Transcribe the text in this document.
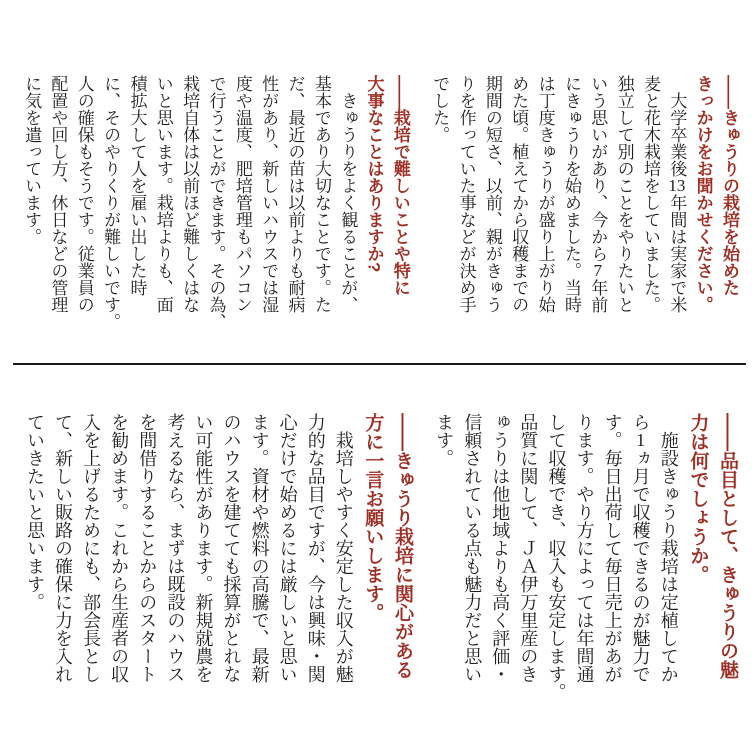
——きゅうりの栽培を始めた
きっかけをお聞かせください。

　大学卒業後13年間は実家で米
麦と花木栽培をしていました。
独立して別のことをやりたいと
いう思いがあり、今から7年前
にきゅうりを始めました。当時
は丁度きゅうりが盛り上がり始
めた頃。植えてから収穫までの
期間の短さ、以前、親がきゅう
りを作っていた事などが決め手
でした。

——栽培で難しいことや特に
大事なことはありますか?

　きゅうりをよく観ることが、
基本であり大切なことです。た
だ、最近の苗は以前よりも耐病
性があり、新しいハウスでは湿
度や温度、肥培管理もパソコン
で行うことができます。その為、
栽培自体は以前ほど難しくはな
いと思います。栽培よりも、面
積拡大して人を雇い出した時
に、そのやりくりが難しいです。
人の確保もそうです。従業員の
配置や回し方、休日などの管理
に気を遣っています。

——品目として、きゅうりの魅
力は何でしょうか。

　施設きゅうり栽培は定植してか
ら1ヵ月で収穫できるのが魅力で
す。毎日出荷して毎日売上があが
ります。やり方によっては年間通
して収穫でき、収入も安定します。
品質に関して、ＪＡ伊万里産のき
ゅうりは他地域よりも高く評価・
信頼されている点も魅力だと思い
ます。

——きゅうり栽培に関心がある
方に一言お願いします。

　栽培しやすく安定した収入が魅
力的な品目ですが、今は興味・関
心だけで始めるには厳しいと思い
ます。資材や燃料の高騰で、最新
のハウスを建てても採算がとれな
い可能性があります。新規就農を
考えるなら、まずは既設のハウス
を間借りすることからのスタート
を勧めます。これから生産者の収
入を上げるためにも、部会長とし
て、新しい販路の確保に力を入れ
ていきたいと思います。
